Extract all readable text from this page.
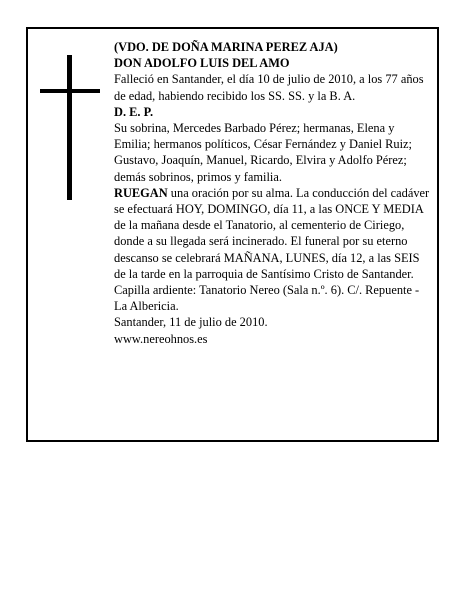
(VDO. DE DOÑA MARINA PEREZ AJA)

DON ADOLFO LUIS DEL AMO

Falleció en Santander, el día 10 de julio de 2010, a los 77 años de edad, habiendo recibido los SS. SS. y la B. A.

D. E. P.

Su sobrina, Mercedes Barbado Pérez; hermanas, Elena y Emilia; hermanos políticos, César Fernández y Daniel Ruiz; Gustavo, Joaquín, Manuel, Ricardo, Elvira y Adolfo Pérez; demás sobrinos, primos y familia.

RUEGAN una oración por su alma. La conducción del cadáver se efectuará HOY, DOMINGO, día 11, a las ONCE Y MEDIA de la mañana desde el Tanatorio, al cementerio de Ciriego, donde a su llegada será incinerado. El funeral por su eterno descanso se celebrará MAÑANA, LUNES, día 12, a las SEIS de la tarde en la parroquia de Santísimo Cristo de Santander.

Capilla ardiente: Tanatorio Nereo (Sala n.º. 6). C/. Repuente - La Albericia.

Santander, 11 de julio de 2010.

www.nereohnos.es
